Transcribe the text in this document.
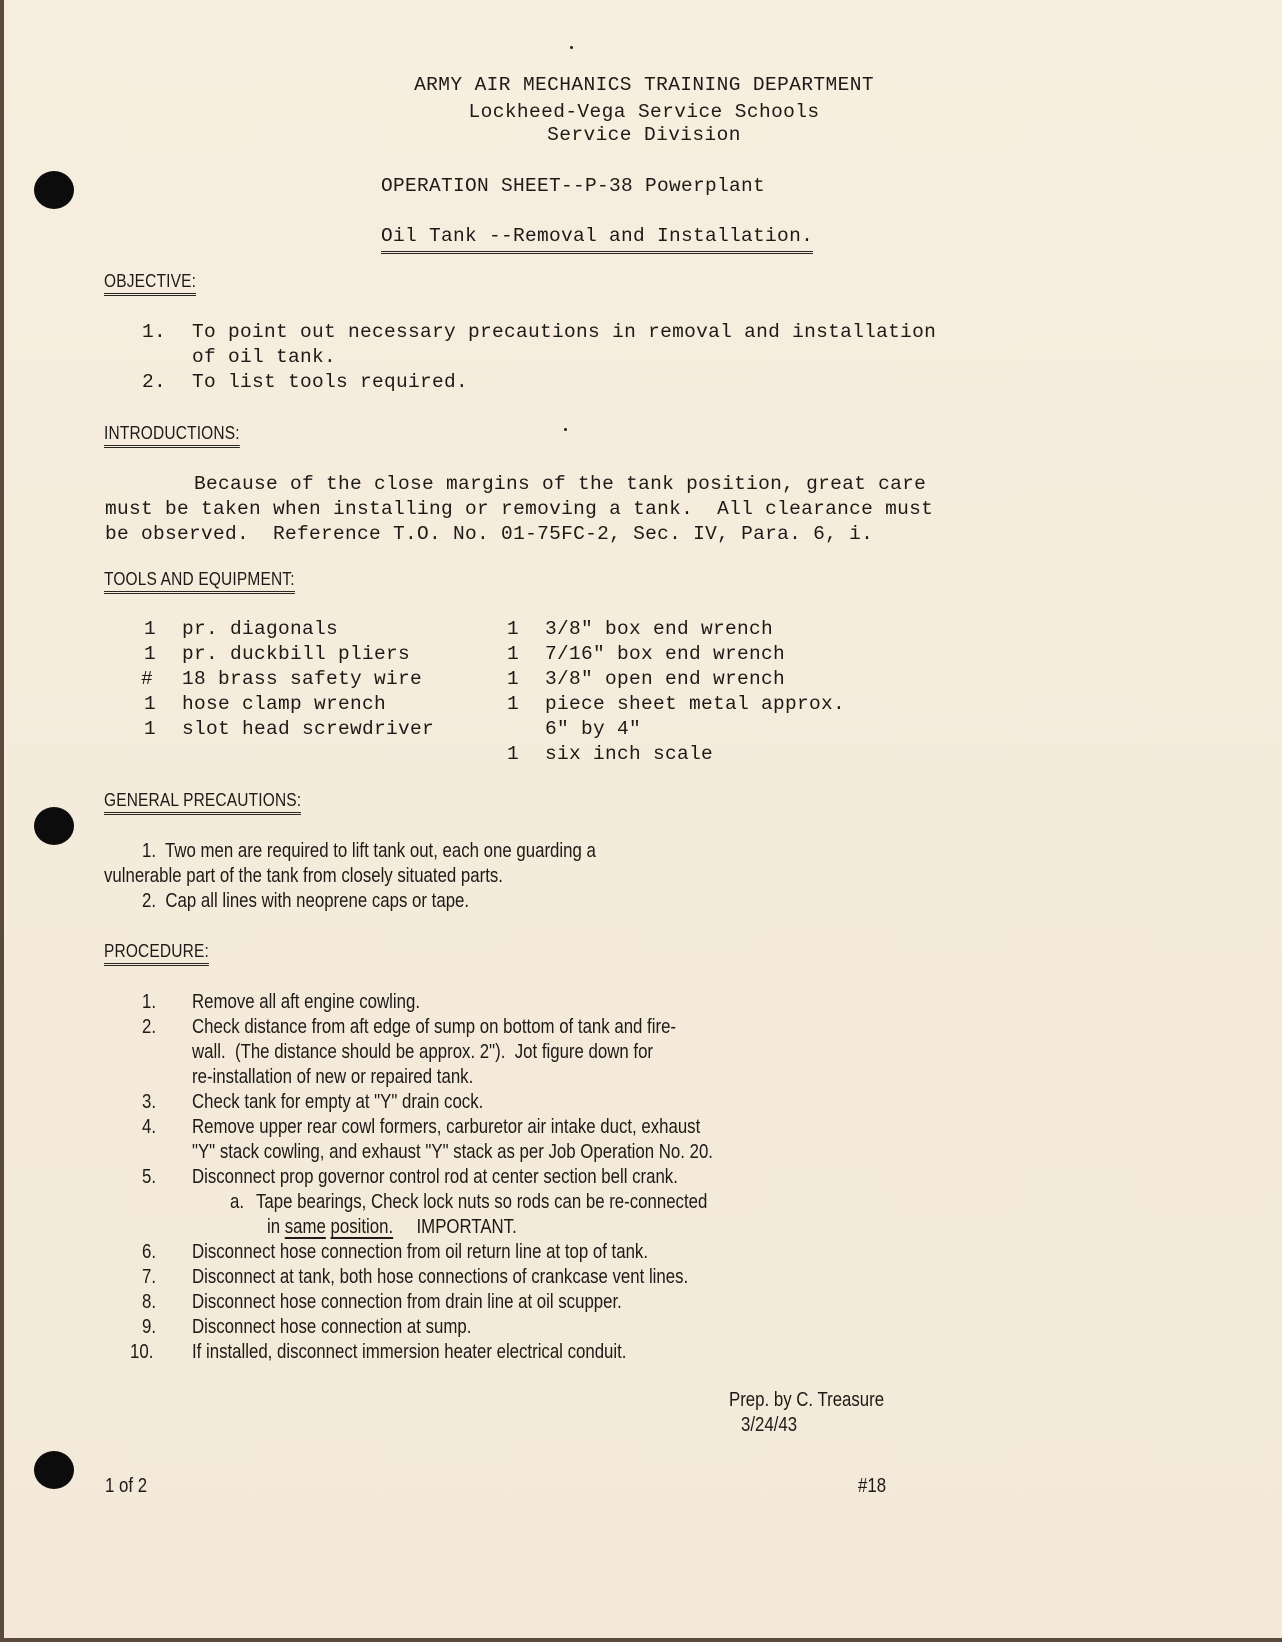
ARMY AIR MECHANICS TRAINING DEPARTMENT
Lockheed-Vega Service Schools
Service Division
OPERATION SHEET--P-38 Powerplant
Oil Tank --Removal and Installation.
OBJECTIVE:
1. To point out necessary precautions in removal and installation
of oil tank.
2. To list tools required.
INTRODUCTIONS:
Because of the close margins of the tank position, great care
must be taken when installing or removing a tank.  All clearance must
be observed.  Reference T.O. No. 01-75FC-2, Sec. IV, Para. 6, i.
TOOLS AND EQUIPMENT:
1 pr. diagonals
1 pr. duckbill pliers
# 18 brass safety wire
1 hose clamp wrench
1 slot head screwdriver
1 3/8" box end wrench
1 7/16" box end wrench
1 3/8" open end wrench
1 piece sheet metal approx.
6" by 4"
1 six inch scale
GENERAL PRECAUTIONS:
1.  Two men are required to lift tank out, each one guarding a
vulnerable part of the tank from closely situated parts.
2.  Cap all lines with neoprene caps or tape.
PROCEDURE:
1. Remove all aft engine cowling.
2. Check distance from aft edge of sump on bottom of tank and fire-
wall.  (The distance should be approx. 2").  Jot figure down for
re-installation of new or repaired tank.
3. Check tank for empty at "Y" drain cock.
4. Remove upper rear cowl formers, carburetor air intake duct, exhaust
"Y" stack cowling, and exhaust "Y" stack as per Job Operation No. 20.
5. Disconnect prop governor control rod at center section bell crank.
a. Tape bearings, Check lock nuts so rods can be re-connected
in same position.     IMPORTANT.
6. Disconnect hose connection from oil return line at top of tank.
7. Disconnect at tank, both hose connections of crankcase vent lines.
8. Disconnect hose connection from drain line at oil scupper.
9. Disconnect hose connection at sump.
10. If installed, disconnect immersion heater electrical conduit.
Prep. by C. Treasure
3/24/43
1 of 2	#18
